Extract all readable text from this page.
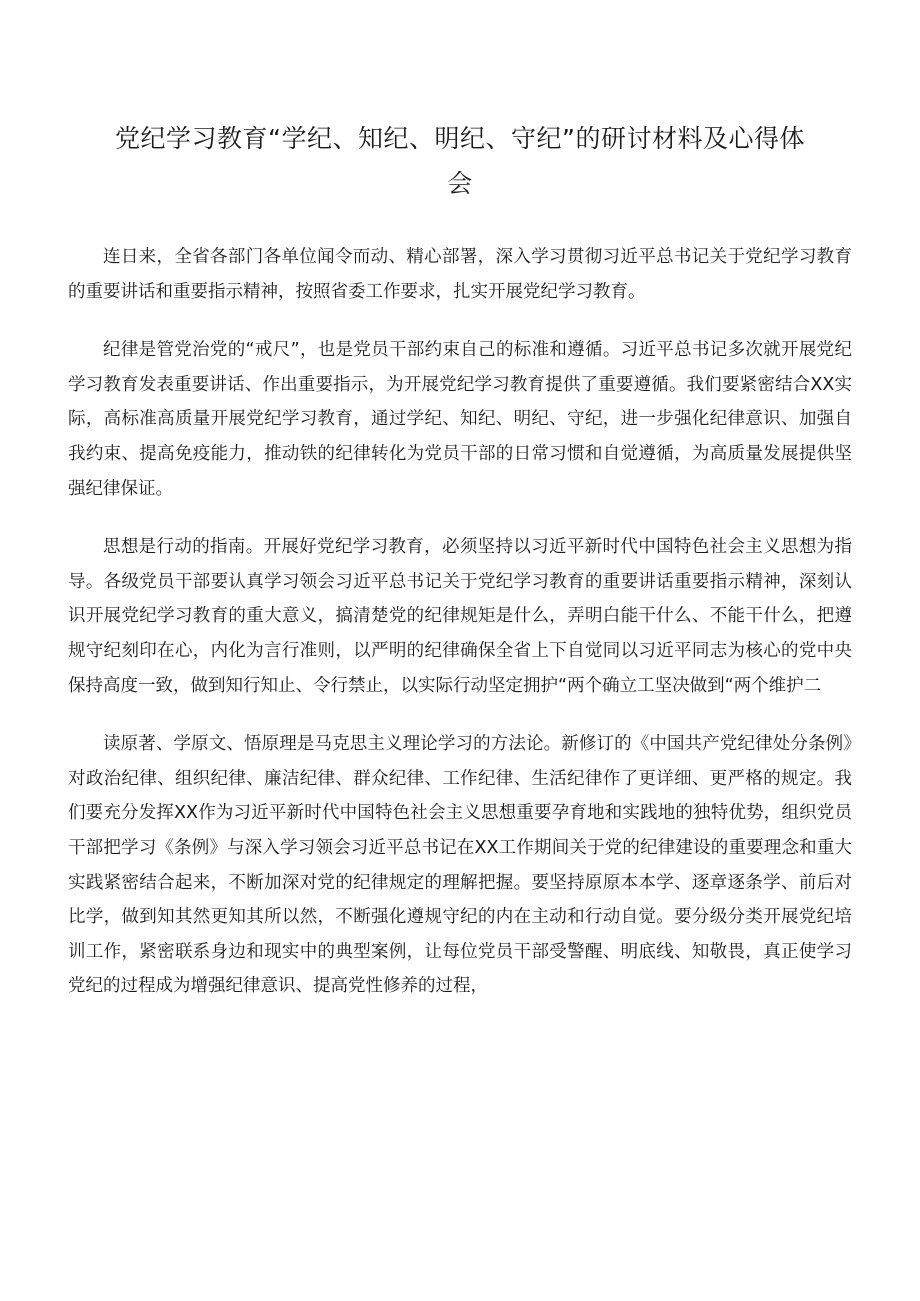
党纪学习教育“学纪、知纪、明纪、守纪”的研讨材料及心得体会

连日来，全省各部门各单位闻令而动、精心部署，深入学习贯彻习近平总书记关于党纪学习教育的重要讲话和重要指示精神，按照省委工作要求，扎实开展党纪学习教育。

纪律是管党治党的“戒尺”，也是党员干部约束自己的标准和遵循。习近平总书记多次就开展党纪学习教育发表重要讲话、作出重要指示，为开展党纪学习教育提供了重要遵循。我们要紧密结合XX实际，高标准高质量开展党纪学习教育，通过学纪、知纪、明纪、守纪，进一步强化纪律意识、加强自我约束、提高免疫能力，推动铁的纪律转化为党员干部的日常习惯和自觉遵循，为高质量发展提供坚强纪律保证。

思想是行动的指南。开展好党纪学习教育，必须坚持以习近平新时代中国特色社会主义思想为指导。各级党员干部要认真学习领会习近平总书记关于党纪学习教育的重要讲话重要指示精神，深刻认识开展党纪学习教育的重大意义，搞清楚党的纪律规矩是什么，弄明白能干什么、不能干什么，把遵规守纪刻印在心，内化为言行准则，以严明的纪律确保全省上下自觉同以习近平同志为核心的党中央保持高度一致，做到知行知止、令行禁止，以实际行动坚定拥护“两个确立工坚决做到“两个维护二

读原著、学原文、悟原理是马克思主义理论学习的方法论。新修订的《中国共产党纪律处分条例》对政治纪律、组织纪律、廉洁纪律、群众纪律、工作纪律、生活纪律作了更详细、更严格的规定。我们要充分发挥XX作为习近平新时代中国特色社会主义思想重要孕育地和实践地的独特优势，组织党员干部把学习《条例》与深入学习领会习近平总书记在XX工作期间关于党的纪律建设的重要理念和重大实践紧密结合起来，不断加深对党的纪律规定的理解把握。要坚持原原本本学、逐章逐条学、前后对比学，做到知其然更知其所以然，不断强化遵规守纪的内在主动和行动自觉。要分级分类开展党纪培训工作，紧密联系身边和现实中的典型案例，让每位党员干部受警醒、明底线、知敬畏，真正使学习党纪的过程成为增强纪律意识、提高党性修养的过程，
